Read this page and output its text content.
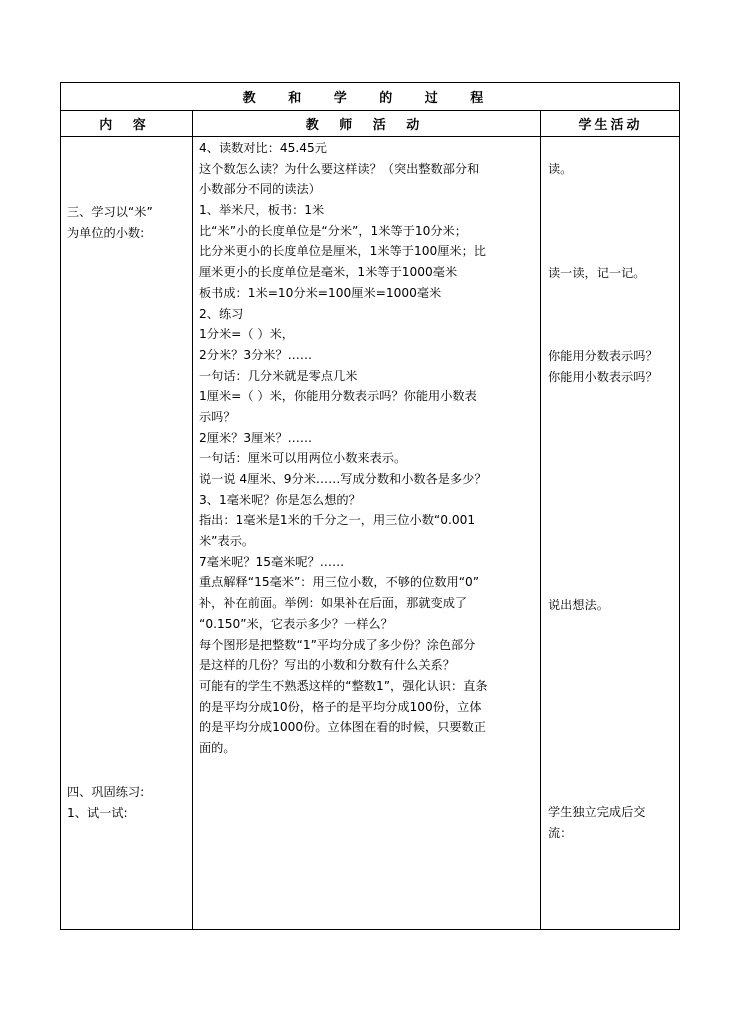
教 和 学 的 过 程
内 容	教 师 活 动	学生活动
三、学习以“米”
为单位的小数:
四、巩固练习:
1、试一试:
4、读数对比：45.45元
这个数怎么读？为什么要这样读？（突出整数部分和
小数部分不同的读法）
1、举米尺，板书：1米
比“米”小的长度单位是“分米”，1米等于10分米；
比分米更小的长度单位是厘米，1米等于100厘米；比
厘米更小的长度单位是毫米，1米等于1000毫米
板书成：1米=10分米=100厘米=1000毫米
2、练习
1分米=（ ）米，
2分米？3分米？……
一句话：几分米就是零点几米
1厘米=（ ）米，你能用分数表示吗？你能用小数表
示吗？
2厘米？3厘米？……
一句话：厘米可以用两位小数来表示。
说一说 4厘米、9分米……写成分数和小数各是多少？
3、1毫米呢？你是怎么想的？
指出：1毫米是1米的千分之一，用三位小数“0.001
米”表示。
7毫米呢？15毫米呢？……
重点解释“15毫米”：用三位小数，不够的位数用“0”
补，补在前面。举例：如果补在后面，那就变成了
“0.150”米，它表示多少？一样么？
每个图形是把整数“1”平均分成了多少份？涂色部分
是这样的几份？写出的小数和分数有什么关系？
可能有的学生不熟悉这样的“整数1”，强化认识：直条
的是平均分成10份，格子的是平均分成100份，立体
的是平均分成1000份。立体图在看的时候，只要数正
面的。
读。
读一读，记一记。
你能用分数表示吗？
你能用小数表示吗？
说出想法。
学生独立完成后交
流：
